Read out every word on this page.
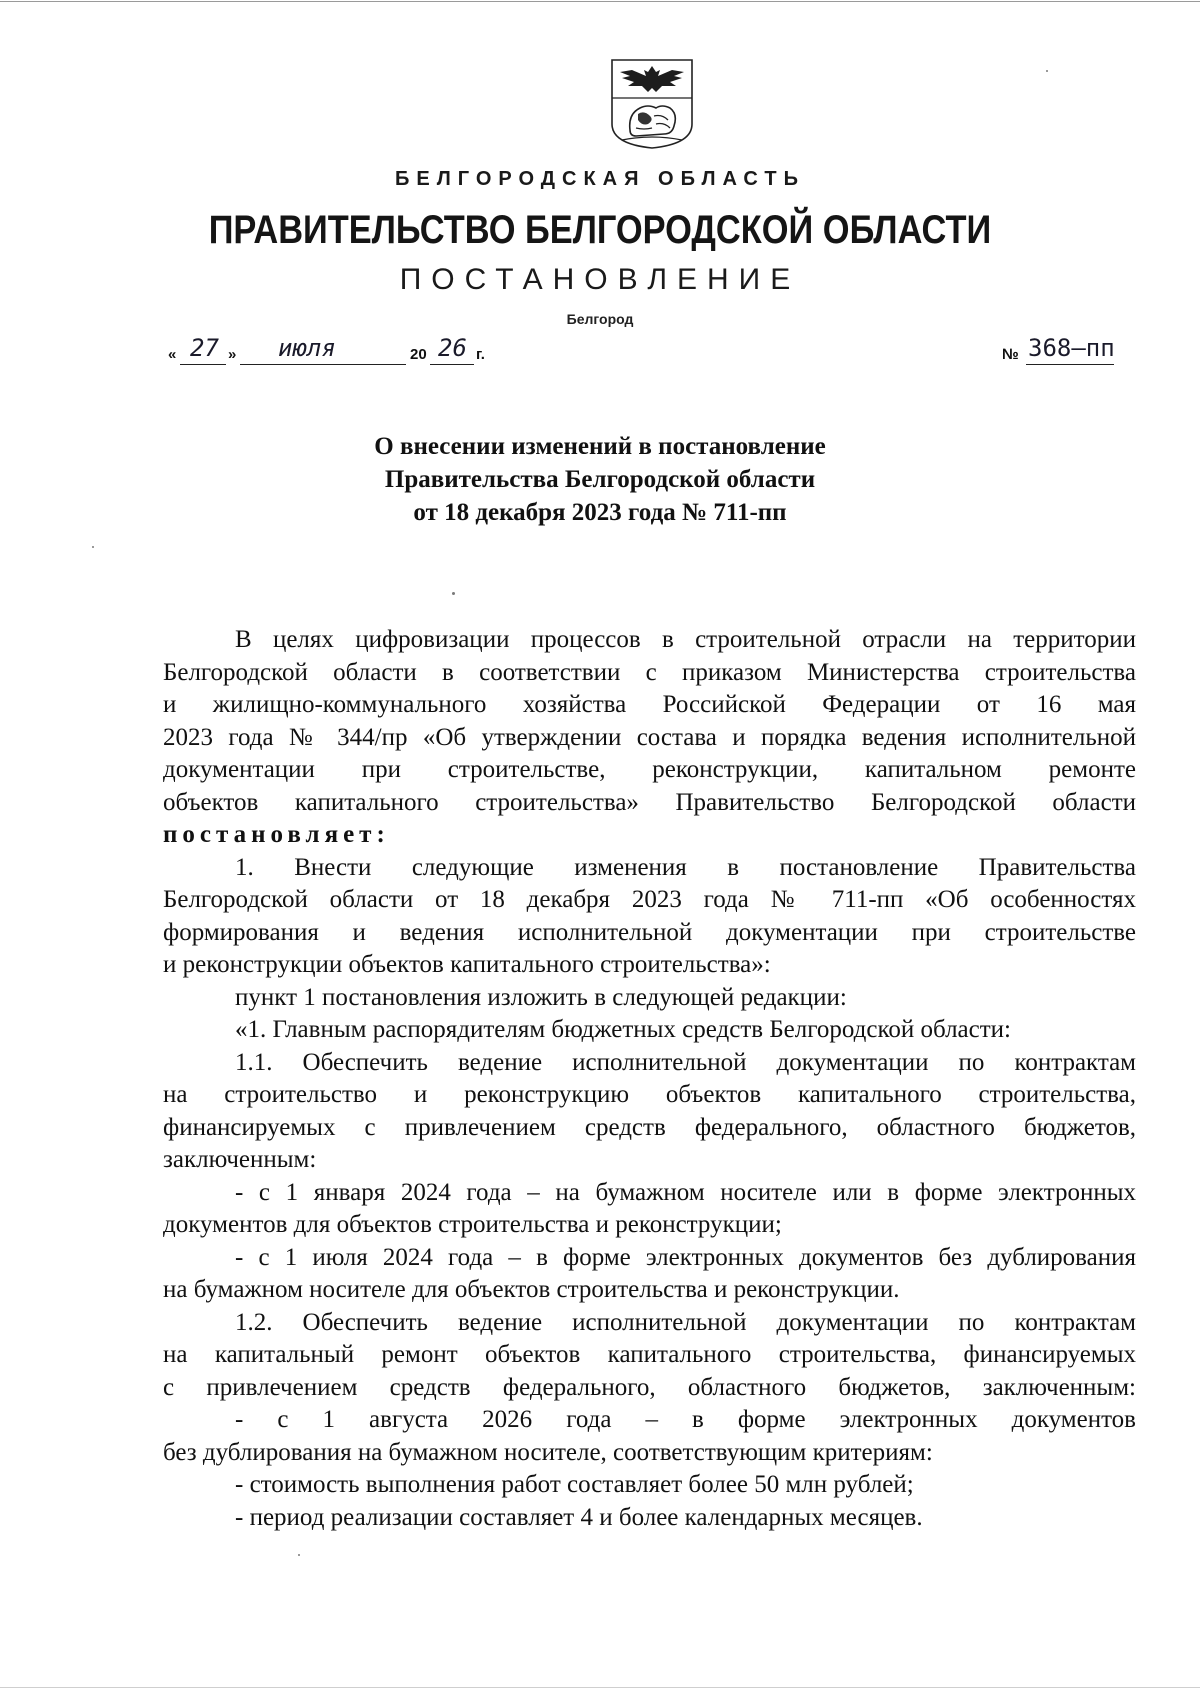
БЕЛГОРОДСКАЯ ОБЛАСТЬ
ПРАВИТЕЛЬСТВО БЕЛГОРОДСКОЙ ОБЛАСТИ
ПОСТАНОВЛЕНИЕ
Белгород
« 27 » июля	20 26 г.	№ 368–пп
О внесении изменений в постановление
Правительства Белгородской области
от 18 декабря 2023 года № 711-пп
В целях цифровизации процессов в строительной отрасли на территории
Белгородской области в соответствии с приказом Министерства строительства
и жилищно-коммунального хозяйства Российской Федерации от 16 мая
2023 года № 344/пр «Об утверждении состава и порядка ведения исполнительной
документации при строительстве, реконструкции, капитальном ремонте
объектов капитального строительства» Правительство Белгородской области
постановляет:
1. Внести следующие изменения в постановление Правительства
Белгородской области от 18 декабря 2023 года № 711-пп «Об особенностях
формирования и ведения исполнительной документации при строительстве
и реконструкции объектов капитального строительства»:
пункт 1 постановления изложить в следующей редакции:
«1. Главным распорядителям бюджетных средств Белгородской области:
1.1. Обеспечить ведение исполнительной документации по контрактам
на строительство и реконструкцию объектов капитального строительства,
финансируемых с привлечением средств федерального, областного бюджетов,
заключенным:
- с 1 января 2024 года – на бумажном носителе или в форме электронных
документов для объектов строительства и реконструкции;
- с 1 июля 2024 года – в форме электронных документов без дублирования
на бумажном носителе для объектов строительства и реконструкции.
1.2. Обеспечить ведение исполнительной документации по контрактам
на капитальный ремонт объектов капитального строительства, финансируемых
с привлечением средств федерального, областного бюджетов, заключенным:
- с 1 августа 2026 года – в форме электронных документов
без дублирования на бумажном носителе, соответствующим критериям:
- стоимость выполнения работ составляет более 50 млн рублей;
- период реализации составляет 4 и более календарных месяцев.
